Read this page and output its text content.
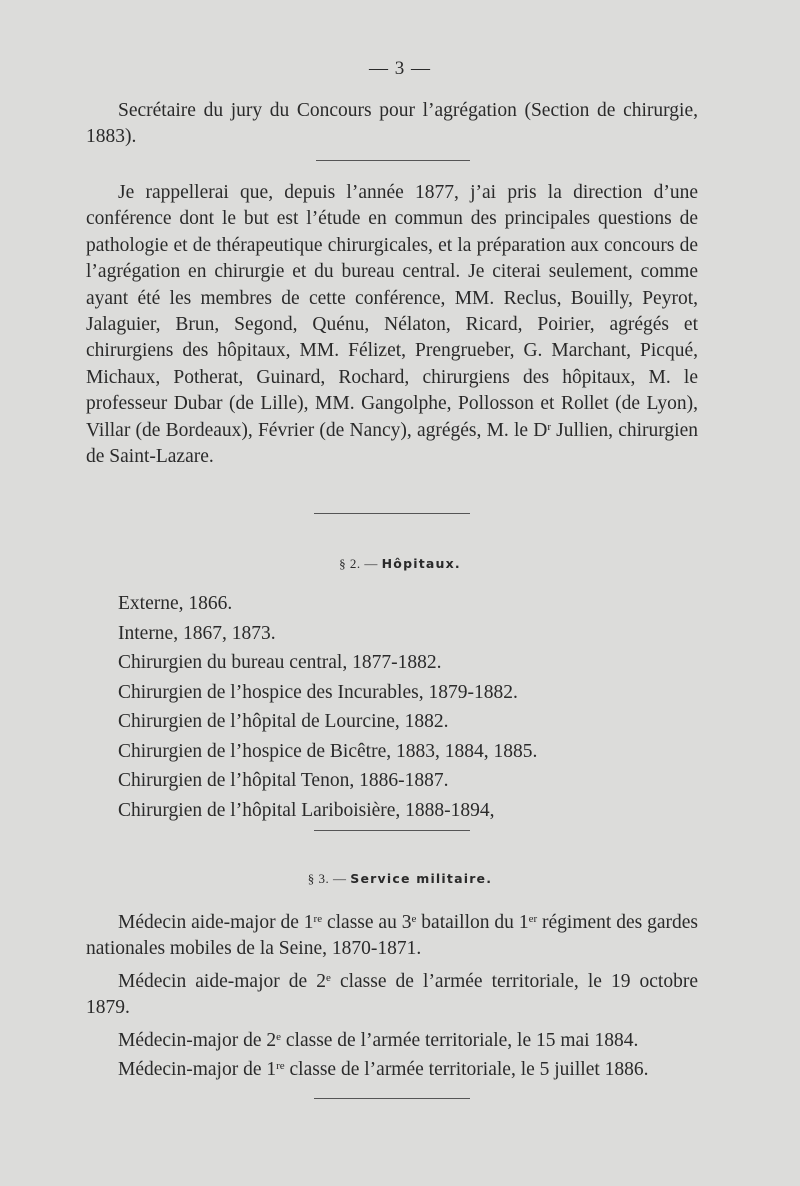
— 3 —

Secrétaire du jury du Concours pour l’agrégation (Section de chirurgie, 1883).

Je rappellerai que, depuis l’année 1877, j’ai pris la direction d’une conférence dont le but est l’étude en commun des principales questions de pathologie et de thérapeutique chirurgicales, et la préparation aux concours de l’agrégation en chirurgie et du bureau central. Je citerai seulement, comme ayant été les membres de cette conférence, MM. Reclus, Bouilly, Peyrot, Jalaguier, Brun, Segond, Quénu, Nélaton, Ricard, Poirier, agrégés et chirurgiens des hôpitaux, MM. Félizet, Prengrueber, G. Marchant, Picqué, Michaux, Potherat, Guinard, Rochard, chirurgiens des hôpitaux, M. le professeur Dubar (de Lille), MM. Gangolphe, Pollosson et Rollet (de Lyon), Villar (de Bordeaux), Février (de Nancy), agrégés, M. le $D^r$ Jullien, chirurgien de Saint-Lazare.

§ 2. — Hôpitaux.
Externe, 1866.
Interne, 1867, 1873.
Chirurgien du bureau central, 1877-1882.
Chirurgien de l’hospice des Incurables, 1879-1882.
Chirurgien de l’hôpital de Lourcine, 1882.
Chirurgien de l’hospice de Bicêtre, 1883, 1884, 1885.
Chirurgien de l’hôpital Tenon, 1886-1887.
Chirurgien de l’hôpital Lariboisière, 1888-1894,
§ 3. — Service militaire.

Médecin aide-major de 1re classe au 3e bataillon du 1er régiment des gardes nationales mobiles de la Seine, 1870-1871.

Médecin aide-major de 2e classe de l’armée territoriale, le 19 octobre 1879.

Médecin-major de 2e classe de l’armée territoriale, le 15 mai 1884.

Médecin-major de 1re classe de l’armée territoriale, le 5 juillet 1886.
